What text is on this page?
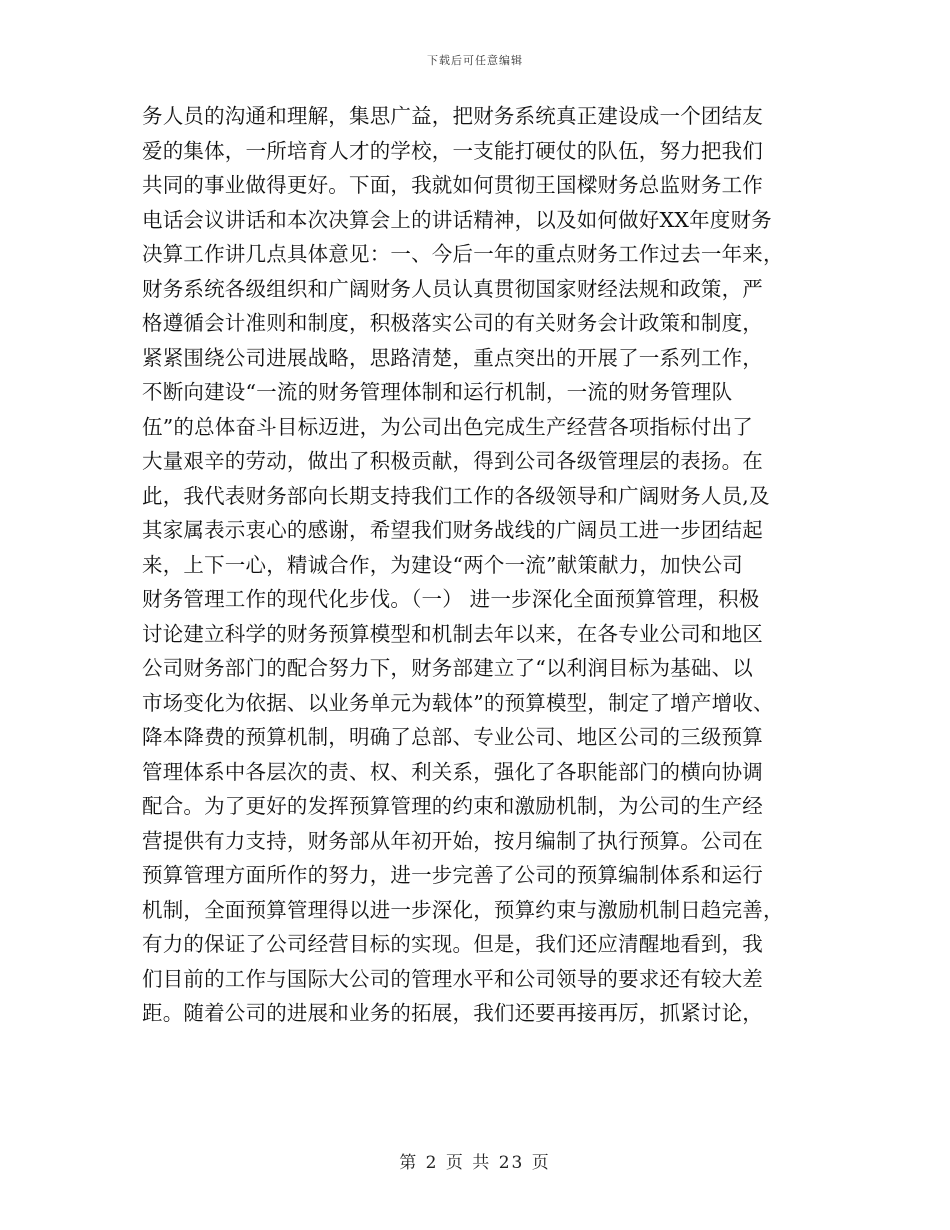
下载后可任意编辑
务人员的沟通和理解，集思广益，把财务系统真正建设成一个团结友
爱的集体，一所培育人才的学校，一支能打硬仗的队伍，努力把我们
共同的事业做得更好。下面，我就如何贯彻王国樑财务总监财务工作
电话会议讲话和本次决算会上的讲话精神，以及如何做好XX年度财务
决算工作讲几点具体意见：一、今后一年的重点财务工作过去一年来，
财务系统各级组织和广阔财务人员认真贯彻国家财经法规和政策，严
格遵循会计准则和制度，积极落实公司的有关财务会计政策和制度，
紧紧围绕公司进展战略，思路清楚，重点突出的开展了一系列工作，
不断向建设“一流的财务管理体制和运行机制，一流的财务管理队
伍”的总体奋斗目标迈进，为公司出色完成生产经营各项指标付出了
大量艰辛的劳动，做出了积极贡献，得到公司各级管理层的表扬。在
此，我代表财务部向长期支持我们工作的各级领导和广阔财务人员,及
其家属表示衷心的感谢，希望我们财务战线的广阔员工进一步团结起
来，上下一心，精诚合作，为建设“两个一流”献策献力，加快公司
财务管理工作的现代化步伐。（一） 进一步深化全面预算管理，积极
讨论建立科学的财务预算模型和机制去年以来，在各专业公司和地区
公司财务部门的配合努力下，财务部建立了“以利润目标为基础、以
市场变化为依据、以业务单元为载体”的预算模型，制定了增产增收、
降本降费的预算机制，明确了总部、专业公司、地区公司的三级预算
管理体系中各层次的责、权、利关系，强化了各职能部门的横向协调
配合。为了更好的发挥预算管理的约束和激励机制，为公司的生产经
营提供有力支持，财务部从年初开始，按月编制了执行预算。公司在
预算管理方面所作的努力，进一步完善了公司的预算编制体系和运行
机制，全面预算管理得以进一步深化，预算约束与激励机制日趋完善，
有力的保证了公司经营目标的实现。但是，我们还应清醒地看到，我
们目前的工作与国际大公司的管理水平和公司领导的要求还有较大差
距。随着公司的进展和业务的拓展，我们还要再接再厉，抓紧讨论，
第 2 页 共 23 页
